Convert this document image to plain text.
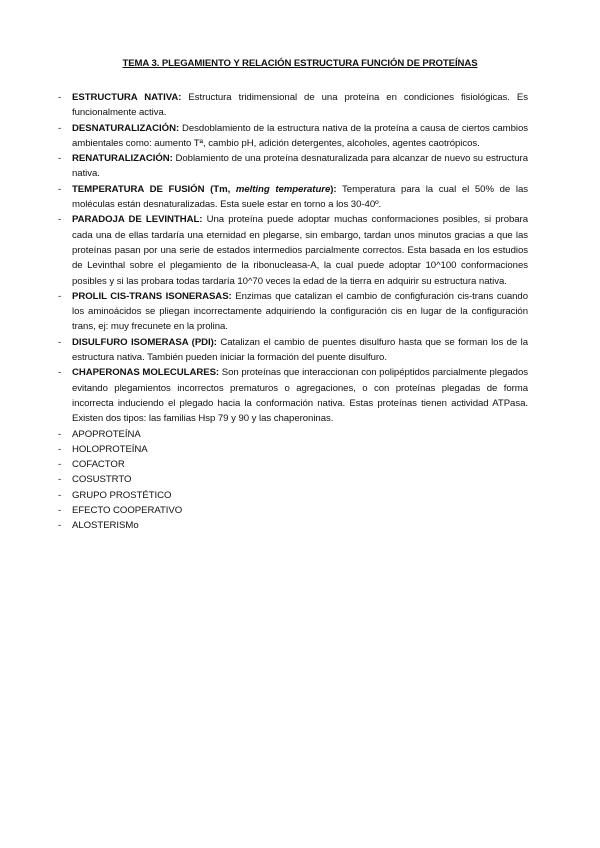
TEMA 3. PLEGAMIENTO Y RELACIÓN ESTRUCTURA FUNCIÓN DE PROTEÍNAS
- ESTRUCTURA NATIVA: Estructura tridimensional de una proteína en condiciones fisiológicas. Es funcionalmente activa.
- DESNATURALIZACIÓN: Desdoblamiento de la estructura nativa de la proteína a causa de ciertos cambios ambientales como: aumento Tª, cambio pH, adición detergentes, alcoholes, agentes caotrópicos.
- RENATURALIZACIÓN: Doblamiento de una proteína desnaturalizada para alcanzar de nuevo su estructura nativa.
- TEMPERATURA DE FUSIÓN (Tm, melting temperature): Temperatura para la cual el 50% de las moléculas están desnaturalizadas. Esta suele estar en torno a los 30-40º.
- PARADOJA DE LEVINTHAL: Una proteína puede adoptar muchas conformaciones posibles, si probara cada una de ellas tardaría una eternidad en plegarse, sin embargo, tardan unos minutos gracias a que las proteínas pasan por una serie de estados intermedios parcialmente correctos. Esta basada en los estudios de Levinthal sobre el plegamiento de la ribonucleasa-A, la cual puede adoptar 10^100 conformaciones posibles y si las probara todas tardaría 10^70 veces la edad de la tierra en adquirir su estructura nativa.
- PROLIL CIS-TRANS ISONERASAS: Enzimas que catalizan el cambio de configfuración cis-trans cuando los aminoácidos se pliegan incorrectamente adquiriendo la configuración cis en lugar de la configuración trans, ej: muy frecunete en la prolina.
- DISULFURO ISOMERASA (PDI): Catalizan el cambio de puentes disulfuro hasta que se forman los de la estructura nativa. También pueden iniciar la formación del puente disulfuro.
- CHAPERONAS MOLECULARES: Son proteínas que interaccionan con polipéptidos parcialmente plegados evitando plegamientos incorrectos prematuros o agregaciones, o con proteínas plegadas de forma incorrecta induciendo el plegado hacia la conformación nativa. Estas proteínas tienen actividad ATPasa. Existen dos tipos: las familias Hsp 79 y 90 y las chaperoninas.
- APOPROTEÍNA
- HOLOPROTEÍNA
- COFACTOR
- COSUSTRTO
- GRUPO PROSTÉTICO
- EFECTO COOPERATIVO
- ALOSTERISMo
